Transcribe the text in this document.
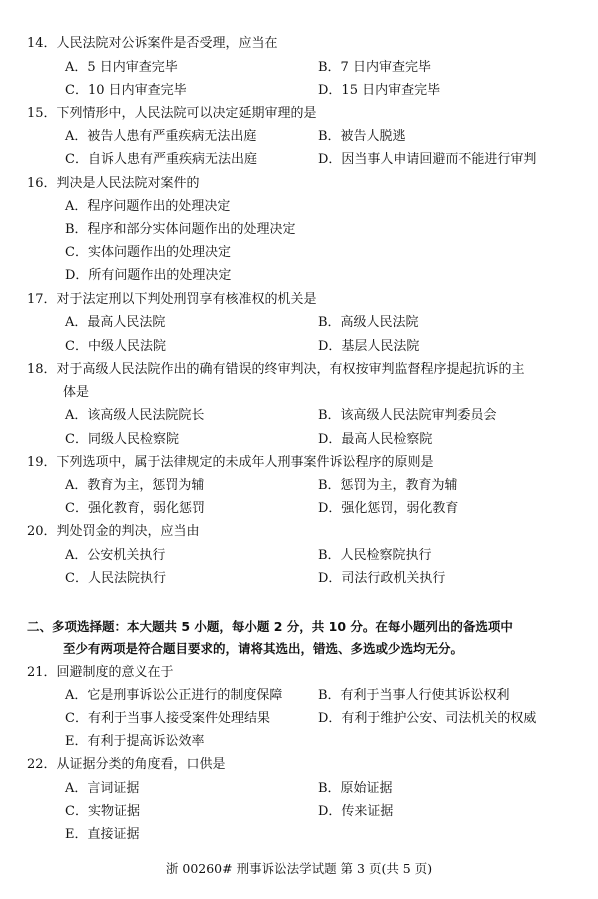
14．人民法院对公诉案件是否受理，应当在
A．5 日内审查完毕	B．7 日内审查完毕
C．10 日内审查完毕	D．15 日内审查完毕
15．下列情形中，人民法院可以决定延期审理的是
A．被告人患有严重疾病无法出庭	B．被告人脱逃
C．自诉人患有严重疾病无法出庭	D．因当事人申请回避而不能进行审判
16．判决是人民法院对案件的
A．程序问题作出的处理决定
B．程序和部分实体问题作出的处理决定
C．实体问题作出的处理决定
D．所有问题作出的处理决定
17．对于法定刑以下判处刑罚享有核准权的机关是
A．最高人民法院	B．高级人民法院
C．中级人民法院	D．基层人民法院
18．对于高级人民法院作出的确有错误的终审判决，有权按审判监督程序提起抗诉的主
体是
A．该高级人民法院院长	B．该高级人民法院审判委员会
C．同级人民检察院	D．最高人民检察院
19．下列选项中，属于法律规定的未成年人刑事案件诉讼程序的原则是
A．教育为主，惩罚为辅	B．惩罚为主，教育为辅
C．强化教育，弱化惩罚	D．强化惩罚，弱化教育
20．判处罚金的判决，应当由
A．公安机关执行	B．人民检察院执行
C．人民法院执行	D．司法行政机关执行
二、多项选择题：本大题共 5 小题，每小题 2 分，共 10 分。在每小题列出的备选项中
至少有两项是符合题目要求的，请将其选出，错选、多选或少选均无分。
21．回避制度的意义在于
A．它是刑事诉讼公正进行的制度保障	B．有利于当事人行使其诉讼权利
C．有利于当事人接受案件处理结果	D．有利于维护公安、司法机关的权威
E．有利于提高诉讼效率
22．从证据分类的角度看，口供是
A．言词证据	B．原始证据
C．实物证据	D．传来证据
E．直接证据
浙 00260# 刑事诉讼法学试题 第 3 页(共 5 页)
